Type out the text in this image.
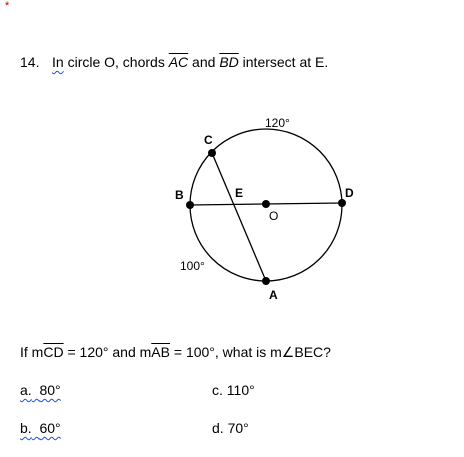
*
14. In circle O, chords $\overline{AC}$ and $\overline{BD}$ intersect at E.
C
B	E
O
D
A
120°
100°
If $m\overline{CD} = 120^\circ$ and $m\overline{AB} = 100^\circ$, what is m∠BEC?
a. 80°
b. 60°
c. 110°
d. 70°
